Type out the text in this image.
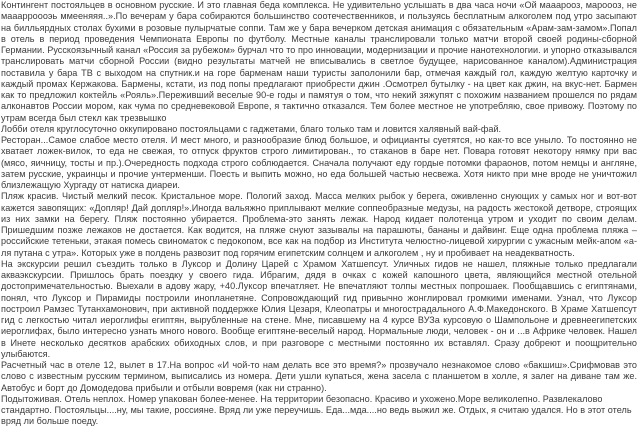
Контингент постояльцев в основном русские. И это главная беда комплекса. Не удивительно услышать в два часа ночи «Ой мааарооз, мароооз, не мааарроооэь ммееняяя..».По вечерам у бара собираются большинство соотечественников, и пользуясь бесплатным алкоголем под утро засыпают на билльярдных столах бухими в розовые пулырчатые соппи. Там же у бара вечерком детская анимация с обязательным «Арам-зам-замом».Попал в отель в период проведения Чемпионата Европы по футболу. Местные каналы транслировали только матчи второй своей родины-сборной Германии. Русскоязычный канал «Россия за рубежом» бурчал что то про инновации, модернизации и прочие нанотехнологии. и упорно отказывался транслировать матчи сборной России (видно результаты матчей не вписывались в светлое будущее, нарисованное каналом).Администрация поставила у бара ТВ с выходом на спутник.и на горе барменам наши туристы заполонили бар, отмечая каждый гол, каждую желтую карточку и каждый промах Кержакова. Бармены, кстати, из под попы предлагают приобрести джин .Осмотрел бутылку - на цвет как джин, на вкус-нет. Бармен как то предложил коктейль «Рояль».Переживший веселые 90-е годы и памятуя о том, что некий зяжупят с похожим названием прошелся по рядам алконавтов России мором, как чума по средневековой Европе, я тактично отказался. Тем более местное не употребляю, свое привожу. Поэтому по утрам всегда был стекл как трезвышко

Лобби отеля круглосуточно оккупировано постояльцами с гаджетами, благо только там и ловится халявный вай-фай.

Ресторан...Самое слабое место отеля. И мест много, и разнообразие блюд большое, и официанты суетятся, но как-то все уныло. То постоянно не хватает ложек-вилок, то еда не свежая, то отпуск фруктов строго лимитирован., то стаканов в баре нет. Повара готовят некотору нямку при вас (мясо, яичницу, тосты и пр.).Очередность подхода строго соблюдается. Сначала получают еду гордые потомки фараонов, потом немцы и англяне, затем русские, украинцы и прочие унтерменши. Поесть и выпить можно, но еда большей частью несвежа. Хотя никто при мне вроде не уничтожил близлежащую Хургаду от натиска диареи.

Пляж красив. Чистый мелкий песок. Кристальное море. Пологий заход. Масса мелких рыбок у берега, оживленно снующих у самых ног и вот-вот кажется завопящих: «Допляр! Дай допляр!».Иногда вальяжно приплывают мелкие соппеобразные медузы, на радость жестокой детворе, строящих из них замки на берегу. Пляж постоянно убирается. Проблема-это занять лежак. Народ кидает полотенца утром и уходит по своим делам. Пришедшим позже лежаков не достается. Как водится, на пляже снуют зазывалы на парашюты, бананы и дайвинг. Еще одна проблема пляжа – российские тетеньки, этакая помесь свиноматок с педокопом, все как на подбор из Института челюстно-лицевой хирургии с ужасным мейк-апом «а-ля путана с утра». Которых уже в полдень развозит под горячим египетским солнцем и алкоголем , ну и пробивает на неадекватность.

На экскурсии решил съездить только в Луксор и Долину Царей с Храмом Хатшепсут. Уличных гидов не нашел, пляжные только предлагали акваэкскурсии. Пришлось брать поездку у своего гида. Ибрагим, дядя в очках с кожей капошного цвета, являющийся местной отельной достопримечательностью. Выехали в адову жару, +40.Луксор впечатляет. Не впечатляют толпы местных попрошаек. Пообщавшись с египтянами, понял, что Луксор и Пирамиды построили инопланетяне. Сопровождающий гид привычно жонглировал громкими именами. Узнал, что Луксор построил Рамзес Тутанхамонович, при активной поддержке Юлия Цезаря, Клеопатры и многострадального А.Ф.Македонского. В Храме Хатшепсут гид с легкостью читал иероглифы египтян, вырубленные на стене. Мне, писавшему на 4 курсе ВУЗа курсовую о Шампольоне и древнеегипетских иероглифах, было интересно узнать много нового. Вообще египтяне-веселый народ. Нормальные люди, человек - он и ...в Африке человек. Нашел в Инете несколько десятков арабских обиходных слов, и при разговоре с местными постоянно их вставлял. Сразу добреют и поощрительно улыбаются.

Расчетный час в отеле 12, вылет в 17.На вопрос «И чой-то нам делать все это время?» прозвучало незнакомое слово «бакшиш».Срифмовав это слово с известным русским термином, выписались из номера. Дети ушли купаться, жена засела с планшетом в холле, я залег на диване там же. Автобус и борт до Домодедова прибыли и отбыли вовремя (как ни странно).

Подытоживая. Отель неплох. Номер упакован более-менее. На территории безопасно. Красиво и ухожено.Море великолепно. Развлекалово стандартно. Постояльцы....ну, мы такие, россияне. Вряд ли уже переучишь. Еда...мда....но ведь выжил же. Отдых, я считаю удался. Но в этот отель вряд ли больше поеду.
